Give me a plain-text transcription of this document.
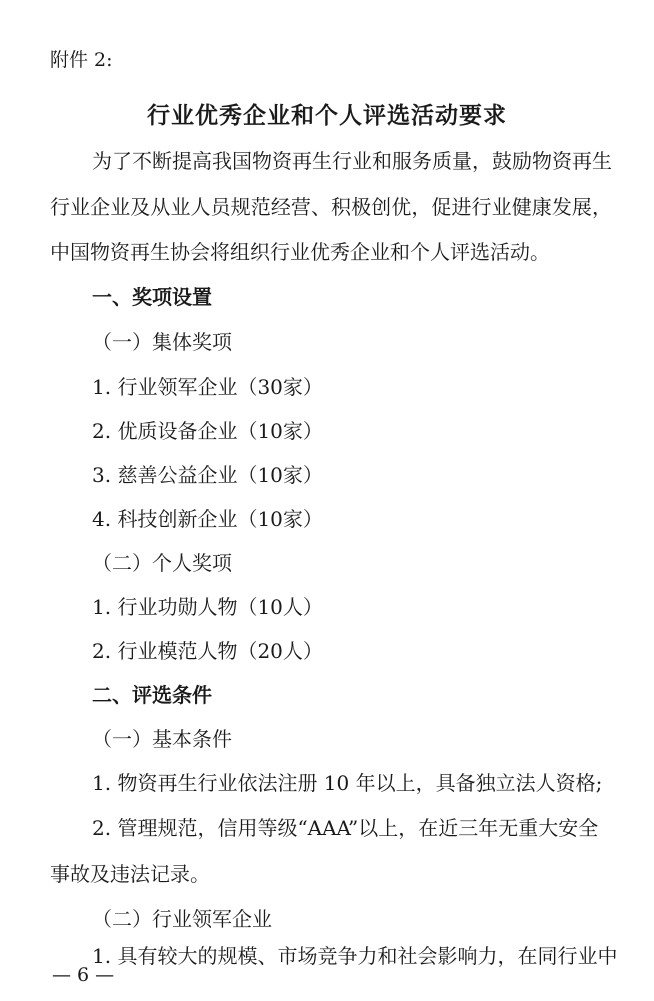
附件 2:
行业优秀企业和个人评选活动要求
为了不断提高我国物资再生行业和服务质量，鼓励物资再生
行业企业及从业人员规范经营、积极创优，促进行业健康发展，
中国物资再生协会将组织行业优秀企业和个人评选活动。
一、奖项设置
（一）集体奖项
1. 行业领军企业（30家）
2. 优质设备企业（10家）
3. 慈善公益企业（10家）
4. 科技创新企业（10家）
（二）个人奖项
1. 行业功勋人物（10人）
2. 行业模范人物（20人）
二、评选条件
（一）基本条件
1. 物资再生行业依法注册 10 年以上，具备独立法人资格;
2. 管理规范，信用等级“AAA”以上，在近三年无重大安全
事故及违法记录。
（二）行业领军企业
1. 具有较大的规模、市场竞争力和社会影响力，在同行业中
— 6 —
